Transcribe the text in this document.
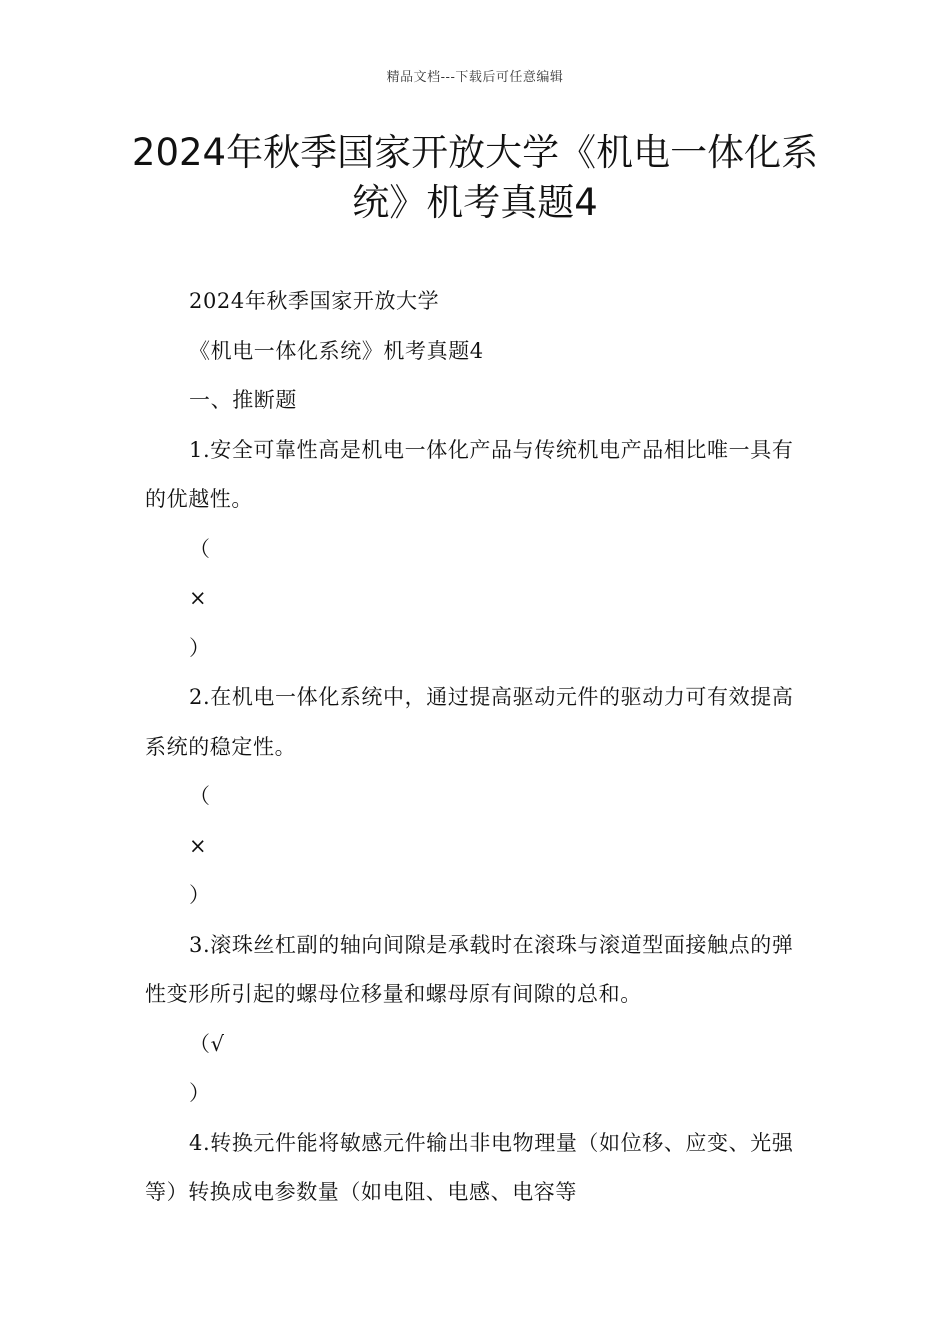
精品文档---下载后可任意编辑
2024年秋季国家开放大学《机电一体化系统》机考真题4

2024年秋季国家开放大学

《机电一体化系统》机考真题4

一、推断题

1.安全可靠性高是机电一体化产品与传统机电产品相比唯一具有的优越性。

（

×

）

2.在机电一体化系统中，通过提高驱动元件的驱动力可有效提高系统的稳定性。

（

×

）

3.滚珠丝杠副的轴向间隙是承载时在滚珠与滚道型面接触点的弹性变形所引起的螺母位移量和螺母原有间隙的总和。

（√

）

4.转换元件能将敏感元件输出非电物理量（如位移、应变、光强等）转换成电参数量（如电阻、电感、电容等
